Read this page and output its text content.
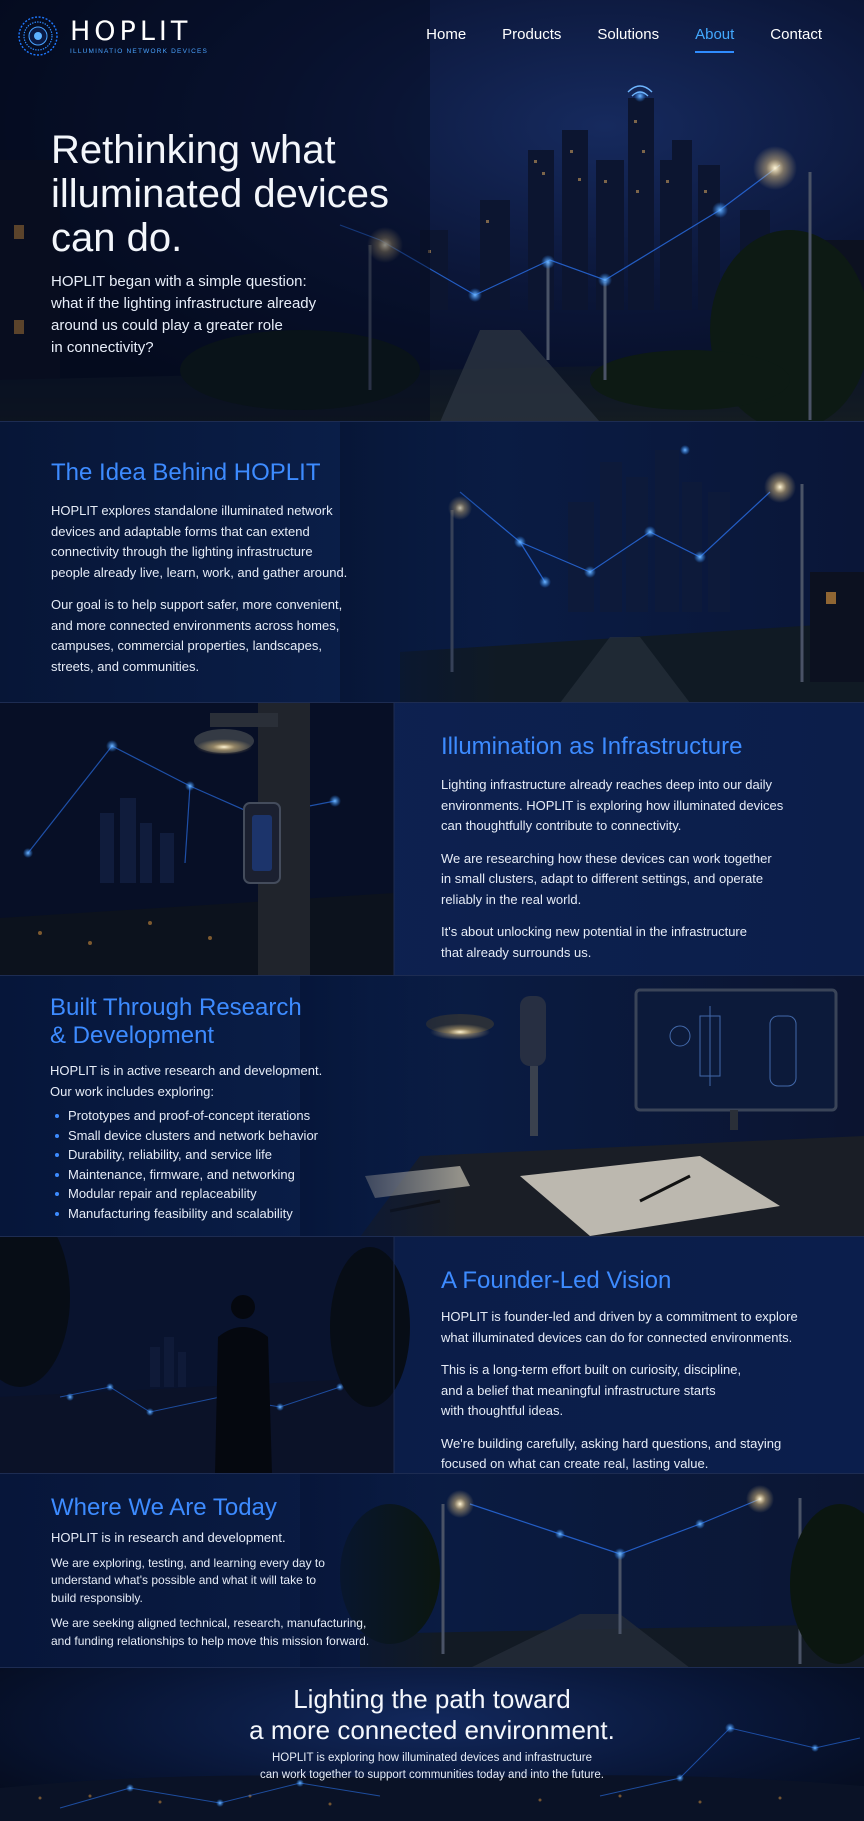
HOPLIT
ILLUMINATIO NETWORK DEVICES
Home Products Solutions About Contact
Rethinking what
illuminated devices
can do.

HOPLIT began with a simple question:
what if the lighting infrastructure already
around us could play a greater role
in connectivity?

The Idea Behind HOPLIT

HOPLIT explores standalone illuminated network
devices and adaptable forms that can extend
connectivity through the lighting infrastructure
people already live, learn, work, and gather around.

Our goal is to help support safer, more convenient,
and more connected environments across homes,
campuses, commercial properties, landscapes,
streets, and communities.

Illumination as Infrastructure

Lighting infrastructure already reaches deep into our daily
environments. HOPLIT is exploring how illuminated devices
can thoughtfully contribute to connectivity.

We are researching how these devices can work together
in small clusters, adapt to different settings, and operate
reliably in the real world.

It's about unlocking new potential in the infrastructure
that already surrounds us.

Built Through Research
& Development
HOPLIT is in active research and development.
Our work includes exploring:
Prototypes and proof-of-concept iterations
Small device clusters and network behavior
Durability, reliability, and service life
Maintenance, firmware, and networking
Modular repair and replaceability
Manufacturing feasibility and scalability
A Founder-Led Vision

HOPLIT is founder-led and driven by a commitment to explore
what illuminated devices can do for connected environments.

This is a long-term effort built on curiosity, discipline,
and a belief that meaningful infrastructure starts
with thoughtful ideas.

We're building carefully, asking hard questions, and staying
focused on what can create real, lasting value.

Where We Are Today

HOPLIT is in research and development.

We are exploring, testing, and learning every day to
understand what's possible and what it will take to
build responsibly.

We are seeking aligned technical, research, manufacturing,
and funding relationships to help move this mission forward.

Lighting the path toward
a more connected environment.

HOPLIT is exploring how illuminated devices and infrastructure
can work together to support communities today and into the future.
